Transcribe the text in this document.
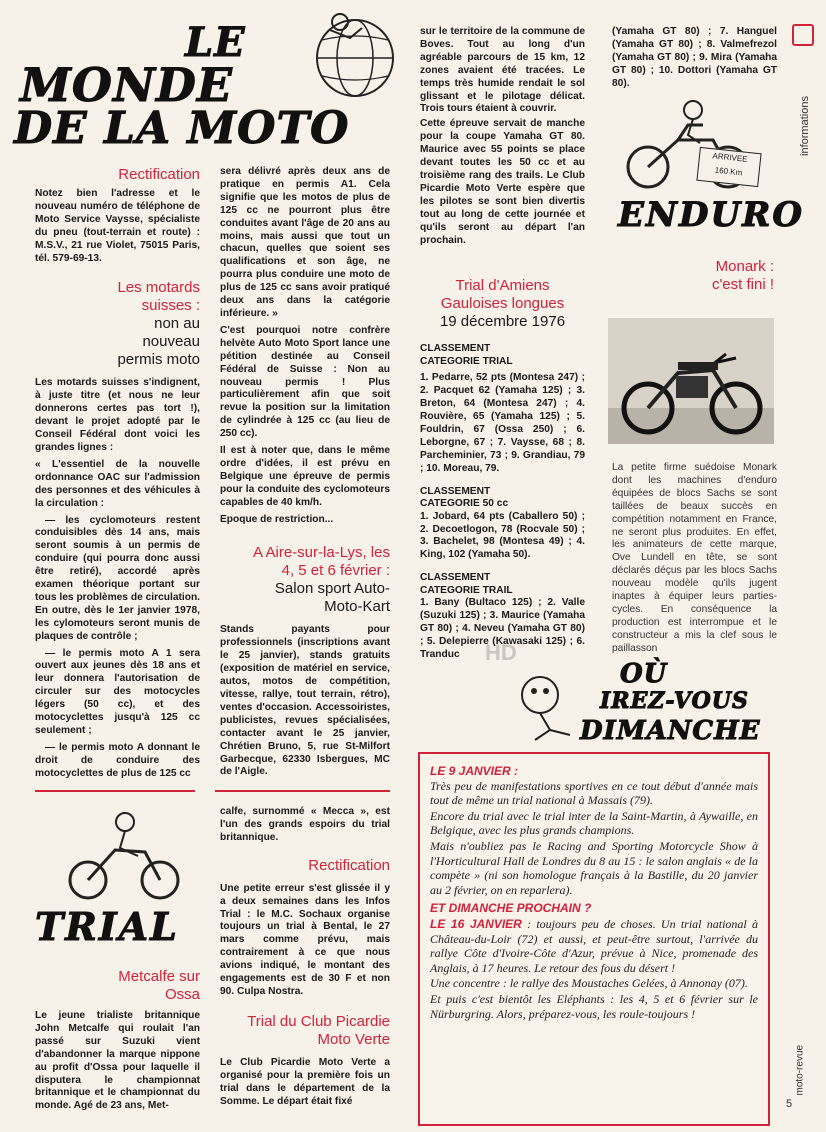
LE
MONDE
DE LA MOTO	informations
Rectification
Notez bien l'adresse et le nouveau numéro de téléphone de Moto Service Vaysse, spécialiste du pneu (tout-terrain et route) : M.S.V., 21 rue Violet, 75015 Paris, tél. 579-69-13.
Les motards suisses :
non au nouveau permis moto

Les motards suisses s'indignent, à juste titre (et nous ne leur donnerons certes pas tort !), devant le projet adopté par le Conseil Fédéral dont voici les grandes lignes :

« L'essentiel de la nouvelle ordonnance OAC sur l'admission des personnes et des véhicules à la circulation :

— les cyclomoteurs restent conduisibles dès 14 ans, mais seront soumis à un permis de conduire (qui pourra donc aussi être retiré), accordé après examen théorique portant sur tous les problèmes de circulation. En outre, dès le 1er janvier 1978, les cylomoteurs seront munis de plaques de contrôle ;

— le permis moto A 1 sera ouvert aux jeunes dès 18 ans et leur donnera l'autorisation de circuler sur des motocycles légers (50 cc), et des motocyclettes jusqu'à 125 cc seulement ;

— le permis moto A donnant le droit de conduire des motocyclettes de plus de 125 cc

sera délivré après deux ans de pratique en permis A1. Cela signifie que les motos de plus de 125 cc ne pourront plus être conduites avant l'âge de 20 ans au moins, mais aussi que tout un chacun, quelles que soient ses qualifications et son âge, ne pourra plus conduire une moto de plus de 125 cc sans avoir pratiqué deux ans dans la catégorie inférieure. »

C'est pourquoi notre confrère helvète Auto Moto Sport lance une pétition destinée au Conseil Fédéral de Suisse : Non au nouveau permis ! Plus particulièrement afin que soit revue la position sur la limitation de cylindrée à 125 cc (au lieu de 250 cc).

Il est à noter que, dans le même ordre d'idées, il est prévu en Belgique une épreuve de permis pour la conduite des cyclomoteurs capables de 40 km/h.

Epoque de restriction...

A Aire-sur-la-Lys, les 4, 5 et 6 février :
Salon sport Auto-Moto-Kart
Stands payants pour professionnels (inscriptions avant le 25 janvier), stands gratuits (exposition de matériel en service, autos, motos de compétition, vitesse, rallye, tout terrain, rétro), ventes d'occasion. Accessoiristes, publicistes, revues spécialisées, contacter avant le 25 janvier, Chrétien Bruno, 5, rue St-Milfort Garbecque, 62330 Isbergues, MC de l'Aigle.
sur le territoire de la commune de Boves. Tout au long d'un agréable parcours de 15 km, 12 zones avaient été tracées. Le temps très humide rendait le sol glissant et le pilotage délicat. Trois tours étaient à couvrir.
Cette épreuve servait de manche pour la coupe Yamaha GT 80. Maurice avec 55 points se place devant toutes les 50 cc et au troisième rang des trails. Le Club Picardie Moto Verte espère que les pilotes se sont bien divertis tout au long de cette journée et qu'ils seront au départ l'an prochain.
Trial d'Amiens Gauloises longues
19 décembre 1976
CLASSEMENT CATEGORIE TRIAL
1. Pedarre, 52 pts (Montesa 247) ; 2. Pacquet 62 (Yamaha 125) ; 3. Breton, 64 (Montesa 247) ; 4. Rouvière, 65 (Yamaha 125) ; 5. Fouldrin, 67 (Ossa 250) ; 6. Leborgne, 67 ; 7. Vaysse, 68 ; 8. Parcheminier, 73 ; 9. Grandiau, 79 ; 10. Moreau, 79.
CLASSEMENT CATEGORIE 50 cc
1. Jobard, 64 pts (Caballero 50) ; 2. Decoetlogon, 78 (Rocvale 50) ; 3. Bachelet, 98 (Montesa 49) ; 4. King, 102 (Yamaha 50).
CLASSEMENT CATEGORIE TRAIL
1. Bany (Bultaco 125) ; 2. Valle (Suzuki 125) ; 3. Maurice (Yamaha GT 80) ; 4. Neveu (Yamaha GT 80) ; 5. Delepierre (Kawasaki 125) ; 6. Tranduc	HD
(Yamaha GT 80) ; 7. Hanguel (Yamaha GT 80) ; 8. Valmefrezol (Yamaha GT 80) ; 9. Mira (Yamaha GT 80) ; 10. Dottori (Yamaha GT 80).
ARRIVEE
160 Km
ENDURO
Monark : c'est fini !
La petite firme suédoise Monark dont les machines d'enduro équipées de blocs Sachs se sont taillées de beaux succès en compétition notamment en France, ne seront plus produites. En effet, les animateurs de cette marque, Ove Lundell en tête, se sont déclarés déçus par les blocs Sachs nouveau modèle qu'ils jugent inaptes à équiper leurs parties-cycles. En conséquence la production est interrompue et le constructeur a mis la clef sous le paillasson
OÙ
IREZ-VOUS
DIMANCHE
LE 9 JANVIER :
Très peu de manifestations sportives en ce tout début d'année mais tout de même un trial national à Massais (79).
Encore du trial avec le trial inter de la Saint-Martin, à Aywaille, en Belgique, avec les plus grands champions.
Mais n'oubliez pas le Racing and Sporting Motorcycle Show à l'Horticultural Hall de Londres du 8 au 15 : le salon anglais « de la compète » (ni son homologue français à la Bastille, du 20 janvier au 2 février, on en reparlera).
ET DIMANCHE PROCHAIN ?
LE 16 JANVIER : toujours peu de choses. Un trial national à Château-du-Loir (72) et aussi, et peut-être surtout, l'arrivée du rallye Côte d'Ivoire-Côte d'Azur, prévue à Nice, promenade des Anglais, à 17 heures. Le retour des fous du désert !
Une concentre : le rallye des Moustaches Gelées, à Annonay (07).
Et puis c'est bientôt les Eléphants : les 4, 5 et 6 février sur le Nürburgring. Alors, préparez-vous, les roule-toujours !
TRIAL
Metcalfe sur Ossa
Le jeune trialiste britannique John Metcalfe qui roulait l'an passé sur Suzuki vient d'abandonner la marque nippone au profit d'Ossa pour laquelle il disputera le championnat britannique et le championnat du monde. Agé de 23 ans, Met-
calfe, surnommé « Mecca », est l'un des grands espoirs du trial britannique.
Rectification
Une petite erreur s'est glissée il y a deux semaines dans les Infos Trial : le M.C. Sochaux organise toujours un trial à Bental, le 27 mars comme prévu, mais contrairement à ce que nous avions indiqué, le montant des engagements est de 30 F et non 90. Culpa Nostra.
Trial du Club Picardie Moto Verte
Le Club Picardie Moto Verte a organisé pour la première fois un trial dans le département de la Somme. Le départ était fixé
moto-revue
5
